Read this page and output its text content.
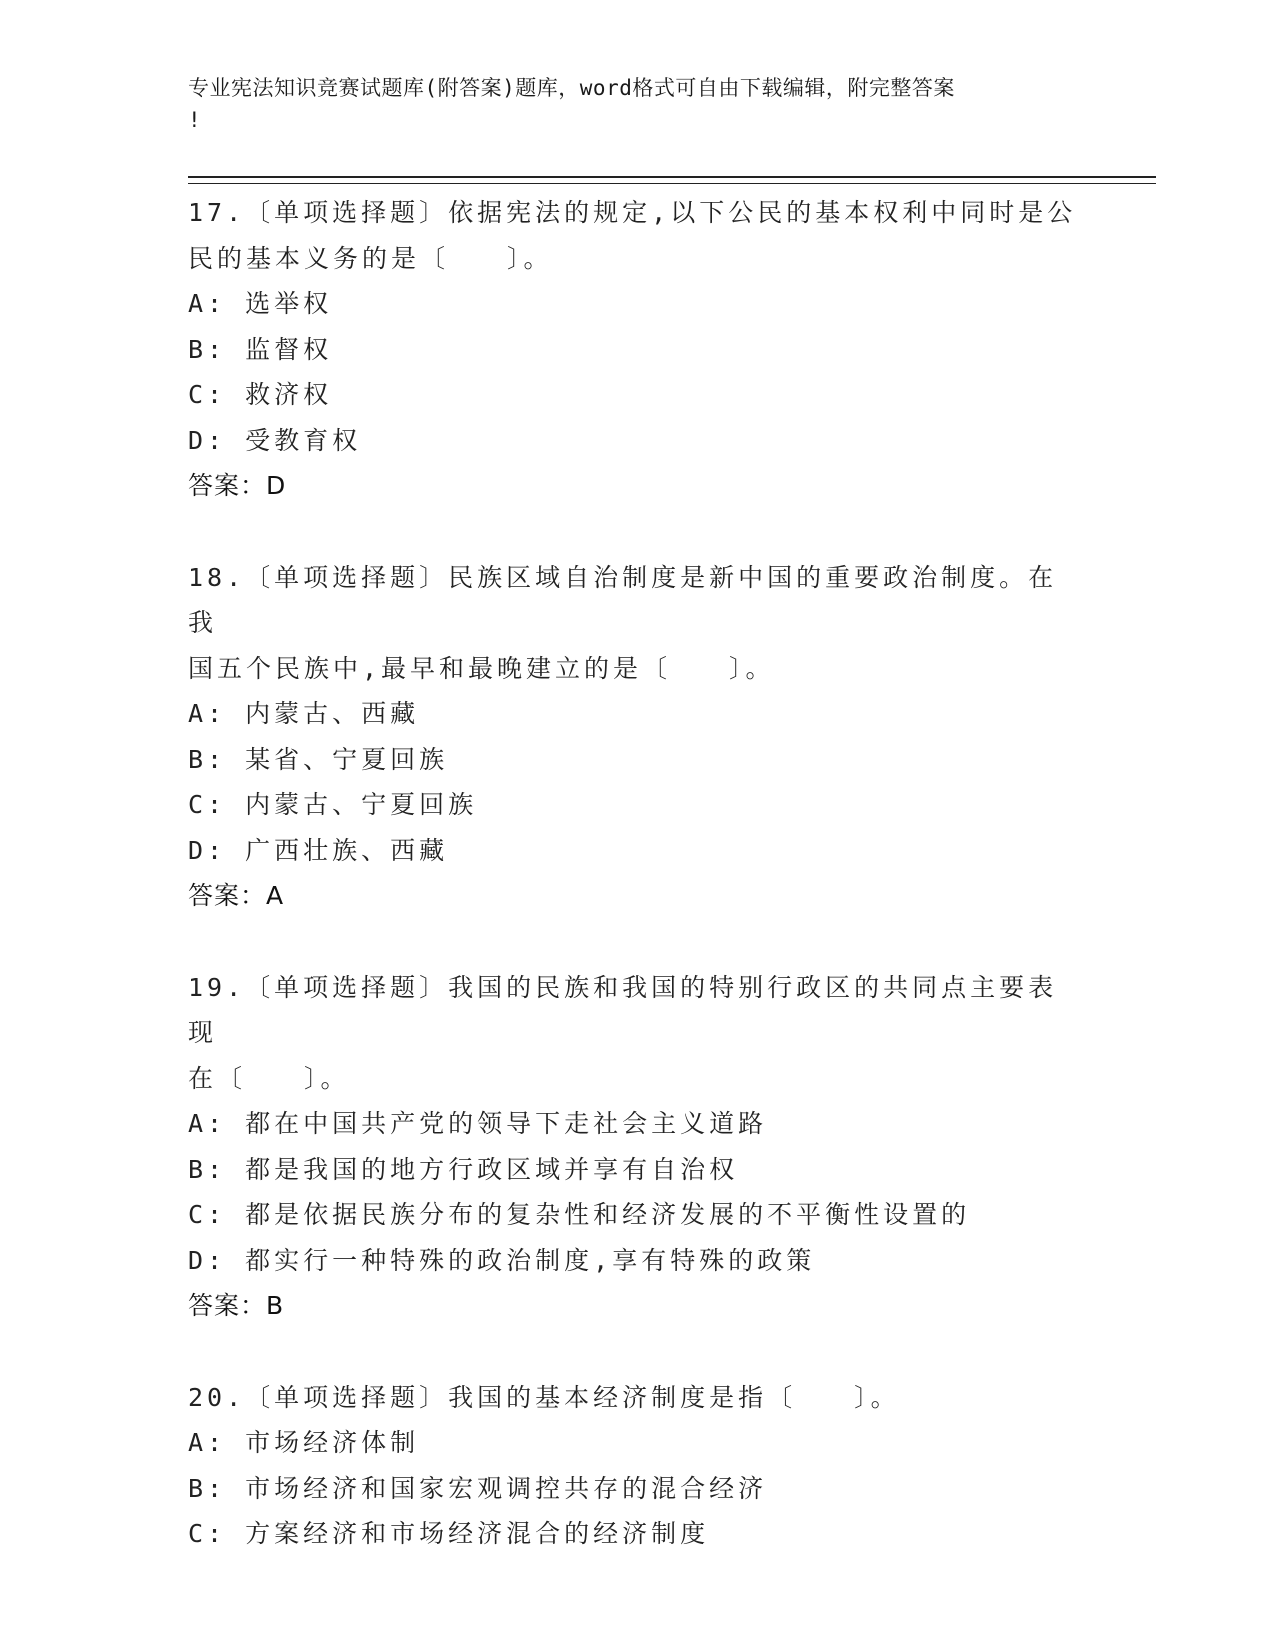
专业宪法知识竞赛试题库(附答案)题库，word格式可自由下载编辑，附完整答案
!
17.〔单项选择题〕依据宪法的规定,以下公民的基本权利中同时是公
民的基本义务的是〔　　〕。
A: 选举权
B: 监督权
C: 救济权
D: 受教育权
答案：D
18.〔单项选择题〕民族区域自治制度是新中国的重要政治制度。在我
国五个民族中,最早和最晚建立的是〔　　〕。
A: 内蒙古、西藏
B: 某省、宁夏回族
C: 内蒙古、宁夏回族
D: 广西壮族、西藏
答案：A
19.〔单项选择题〕我国的民族和我国的特别行政区的共同点主要表现
在〔　　〕。
A: 都在中国共产党的领导下走社会主义道路
B: 都是我国的地方行政区域并享有自治权
C: 都是依据民族分布的复杂性和经济发展的不平衡性设置的
D: 都实行一种特殊的政治制度,享有特殊的政策
答案：B
20.〔单项选择题〕我国的基本经济制度是指〔　　〕。
A: 市场经济体制
B: 市场经济和国家宏观调控共存的混合经济
C: 方案经济和市场经济混合的经济制度
